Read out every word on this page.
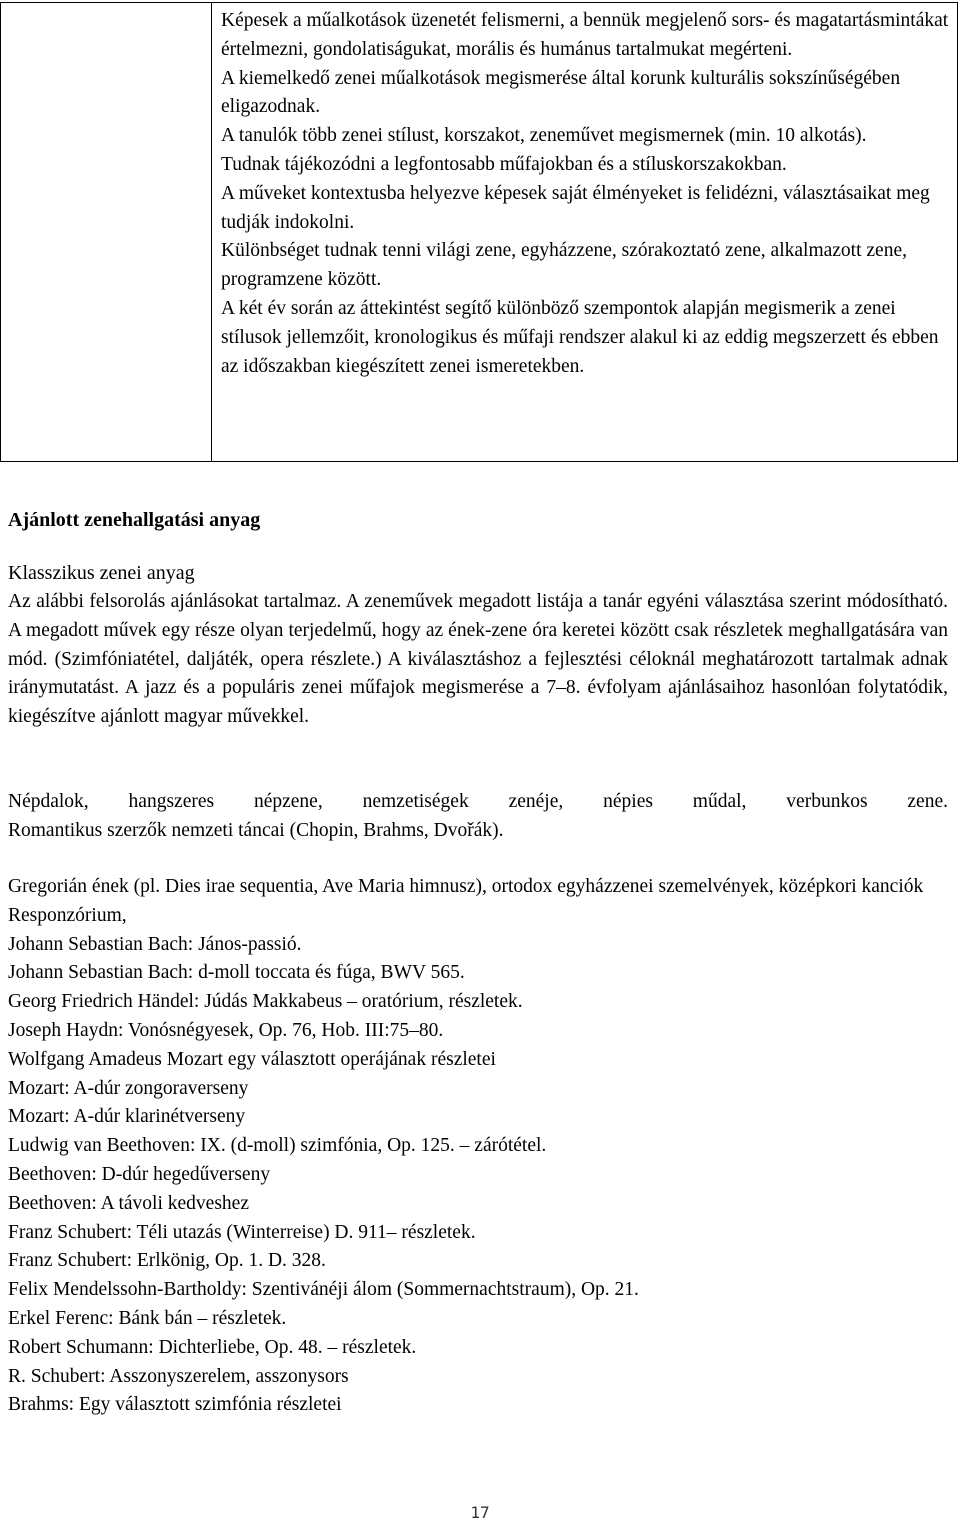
Képesek a műalkotások üzenetét felismerni, a bennük megjelenő sors- és magatartásmintákat értelmezni, gondolatiságukat, morális és humánus tartalmukat megérteni.

A kiemelkedő zenei műalkotások megismerése által korunk kulturális sokszínűségében eligazodnak.

A tanulók több zenei stílust, korszakot, zeneművet megismernek (min. 10 alkotás).

Tudnak tájékozódni a legfontosabb műfajokban és a stíluskorszakokban.

A műveket kontextusba helyezve képesek saját élményeket is felidézni, választásaikat meg tudják indokolni.

Különbséget tudnak tenni világi zene, egyházzene, szórakoztató zene, alkalmazott zene, programzene között.

A két év során az áttekintést segítő különböző szempontok alapján megismerik a zenei stílusok jellemzőit, kronologikus és műfaji rendszer alakul ki az eddig megszerzett és ebben az időszakban kiegészített zenei ismeretekben.

Ajánlott zenehallgatási anyag
Klasszikus zenei anyag

Az alábbi felsorolás ajánlásokat tartalmaz. A zeneművek megadott listája a tanár egyéni választása szerint módosítható. A megadott művek egy része olyan terjedelmű, hogy az ének-zene óra keretei között csak részletek meghallgatására van mód. (Szimfóniatétel, daljáték, opera részlete.) A kiválasztáshoz a fejlesztési céloknál meghatározott tartalmak adnak iránymutatást. A jazz és a populáris zenei műfajok megismerése a 7–8. évfolyam ajánlásaihoz hasonlóan folytatódik, kiegészítve ajánlott magyar művekkel.

Népdalok, hangszeres népzene, nemzetiségek zenéje, népies műdal, verbunkos zene.
Romantikus szerzők nemzeti táncai (Chopin, Brahms, Dvořák).

Gregorián ének (pl. Dies irae sequentia, Ave Maria himnusz), ortodox egyházzenei szemelvények, középkori kanciók
Responzórium,
Johann Sebastian Bach: János-passió.
Johann Sebastian Bach: d-moll toccata és fúga, BWV 565.
Georg Friedrich Händel: Júdás Makkabeus – oratórium, részletek.
Joseph Haydn: Vonósnégyesek, Op. 76, Hob. III:75–80.
Wolfgang Amadeus Mozart egy választott operájának részletei
Mozart: A-dúr zongoraverseny
Mozart: A-dúr klarinétverseny
Ludwig van Beethoven: IX. (d-moll) szimfónia, Op. 125. – zárótétel.
Beethoven: D-dúr hegedűverseny
Beethoven: A távoli kedveshez
Franz Schubert: Téli utazás (Winterreise) D. 911– részletek.
Franz Schubert: Erlkönig, Op. 1. D. 328.
Felix Mendelssohn-Bartholdy: Szentivánéji álom (Sommernachtstraum), Op. 21.
Erkel Ferenc: Bánk bán – részletek.
Robert Schumann: Dichterliebe, Op. 48. – részletek.
R. Schubert: Asszonyszerelem, asszonysors
Brahms: Egy választott szimfónia részletei
17
